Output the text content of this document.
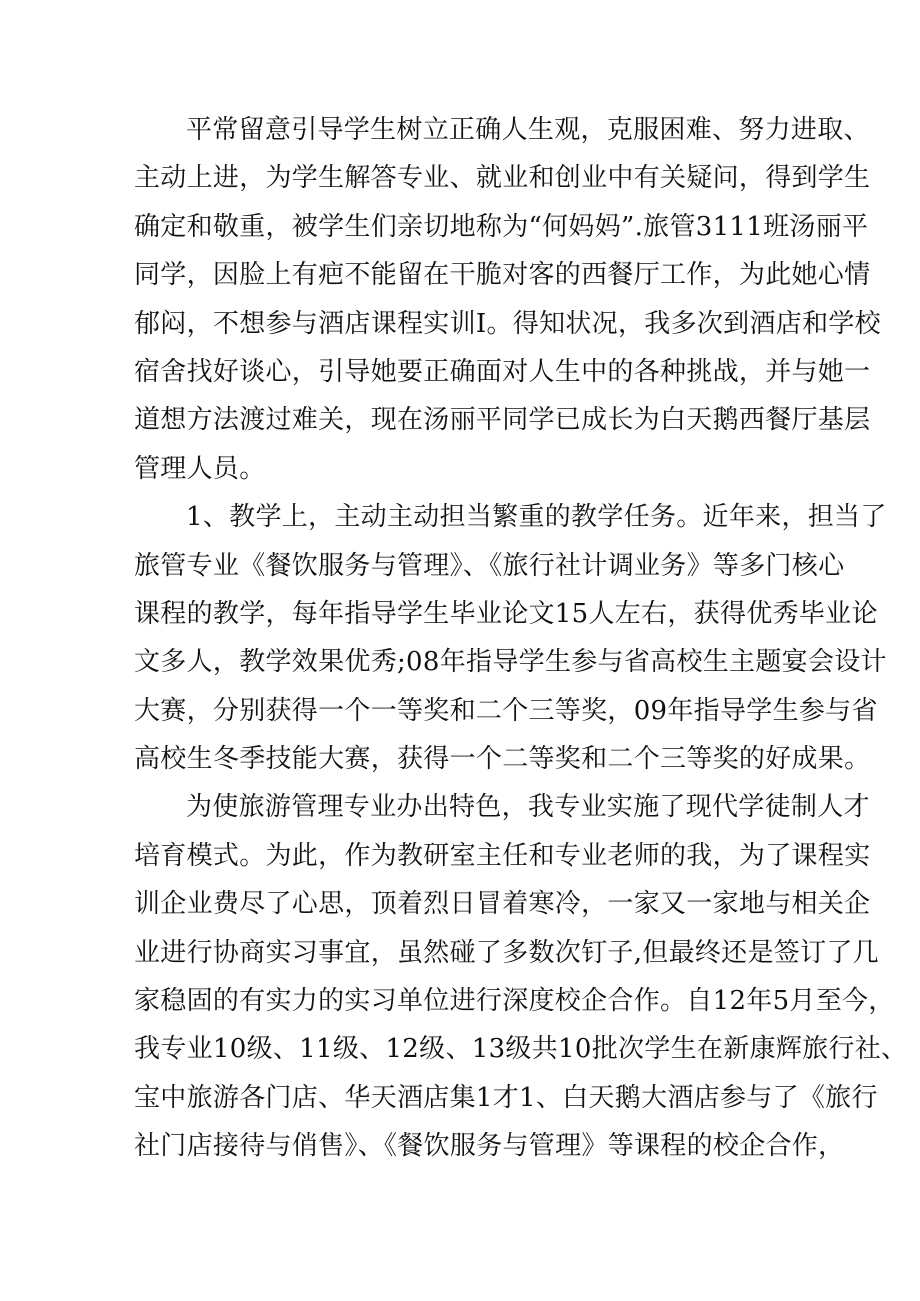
平常留意引导学生树立正确人生观，克服困难、努力进取、
主动上进，为学生解答专业、就业和创业中有关疑问，得到学生
确定和敬重，被学生们亲切地称为“何妈妈”.旅管3111班汤丽平
同学，因脸上有疤不能留在干脆对客的西餐厅工作，为此她心情
郁闷，不想参与酒店课程实训I。得知状况，我多次到酒店和学校
宿舍找好谈心，引导她要正确面对人生中的各种挑战，并与她一
道想方法渡过难关，现在汤丽平同学已成长为白天鹅西餐厅基层
管理人员。
1、教学上，主动主动担当繁重的教学任务。近年来，担当了
旅管专业《餐饮服务与管理》、《旅行社计调业务》等多门核心
课程的教学，每年指导学生毕业论文15人左右，获得优秀毕业论
文多人，教学效果优秀;08年指导学生参与省高校生主题宴会设计
大赛，分别获得一个一等奖和二个三等奖，09年指导学生参与省
高校生冬季技能大赛，获得一个二等奖和二个三等奖的好成果。
为使旅游管理专业办出特色，我专业实施了现代学徒制人才
培育模式。为此，作为教研室主任和专业老师的我，为了课程实
训企业费尽了心思，顶着烈日冒着寒冷，一家又一家地与相关企
业进行协商实习事宜，虽然碰了多数次钉子,但最终还是签订了几
家稳固的有实力的实习单位进行深度校企合作。自12年5月至今，
我专业10级、11级、12级、13级共10批次学生在新康辉旅行社、
宝中旅游各门店、华天酒店集1才1、白天鹅大酒店参与了《旅行
社门店接待与俏售》、《餐饮服务与管理》等课程的校企合作，
